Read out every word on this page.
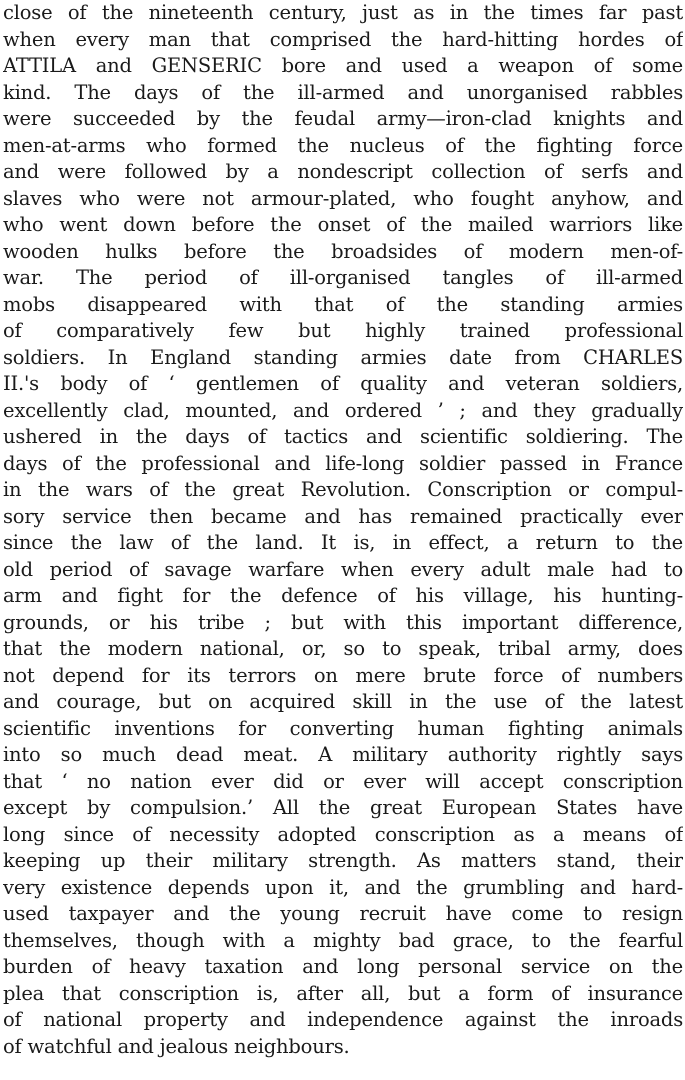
close of the nineteenth century, just as in the times far past
when every man that comprised the hard-hitting hordes of
ATTILA and GENSERIC bore and used a weapon of some
kind. The days of the ill-armed and unorganised rabbles
were succeeded by the feudal army—iron-clad knights and
men-at-arms who formed the nucleus of the fighting force
and were followed by a nondescript collection of serfs and
slaves who were not armour-plated, who fought anyhow, and
who went down before the onset of the mailed warriors like
wooden hulks before the broadsides of modern men-of-
war. The period of ill-organised tangles of ill-armed
mobs disappeared with that of the standing armies
of comparatively few but highly trained professional
soldiers. In England standing armies date from CHARLES
II.'s body of ‘ gentlemen of quality and veteran soldiers,
excellently clad, mounted, and ordered ’ ; and they gradually
ushered in the days of tactics and scientific soldiering. The
days of the professional and life-long soldier passed in France
in the wars of the great Revolution. Conscription or compul-
sory service then became and has remained practically ever
since the law of the land. It is, in effect, a return to the
old period of savage warfare when every adult male had to
arm and fight for the defence of his village, his hunting-
grounds, or his tribe ; but with this important difference,
that the modern national, or, so to speak, tribal army, does
not depend for its terrors on mere brute force of numbers
and courage, but on acquired skill in the use of the latest
scientific inventions for converting human fighting animals
into so much dead meat. A military authority rightly says
that ‘ no nation ever did or ever will accept conscription
except by compulsion.’ All the great European States have
long since of necessity adopted conscription as a means of
keeping up their military strength. As matters stand, their
very existence depends upon it, and the grumbling and hard-
used taxpayer and the young recruit have come to resign
themselves, though with a mighty bad grace, to the fearful
burden of heavy taxation and long personal service on the
plea that conscription is, after all, but a form of insurance
of national property and independence against the inroads
of watchful and jealous neighbours.
